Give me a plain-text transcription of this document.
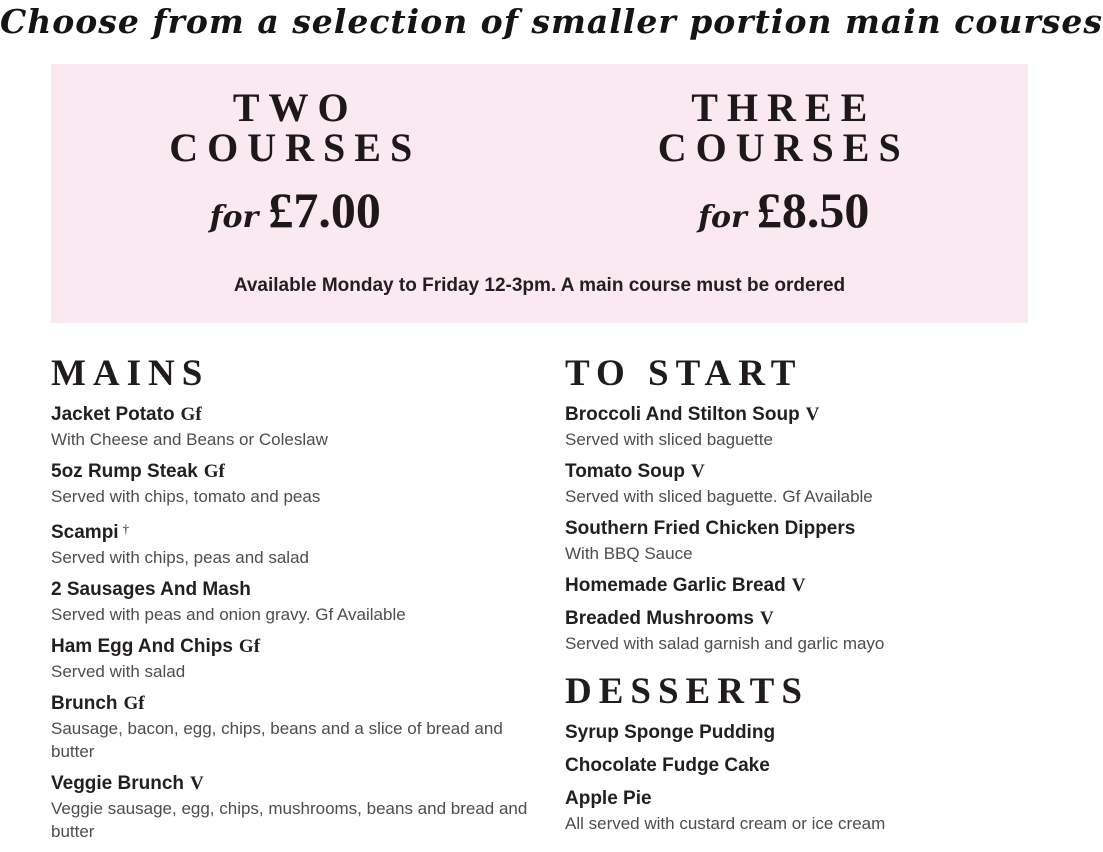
Choose from a selection of smaller portion main courses
TWO
COURSES
for £7.00
THREE
COURSES
for £8.50
Available Monday to Friday 12-3pm. A main course must be ordered
MAINS
Jacket Potato Gf
With Cheese and Beans or Coleslaw
5oz Rump Steak Gf
Served with chips, tomato and peas
Scampi †
Served with chips, peas and salad
2 Sausages And Mash
Served with peas and onion gravy. Gf Available
Ham Egg And Chips Gf
Served with salad
Brunch Gf
Sausage, bacon, egg, chips, beans and a slice of bread and butter
Veggie Brunch V
Veggie sausage, egg, chips, mushrooms, beans and bread and butter
TO START
Broccoli And Stilton Soup V
Served with sliced baguette
Tomato Soup V
Served with sliced baguette. Gf Available
Southern Fried Chicken Dippers
With BBQ Sauce
Homemade Garlic Bread V
Breaded Mushrooms V
Served with salad garnish and garlic mayo
DESSERTS
Syrup Sponge Pudding
Chocolate Fudge Cake
Apple Pie
All served with custard cream or ice cream
